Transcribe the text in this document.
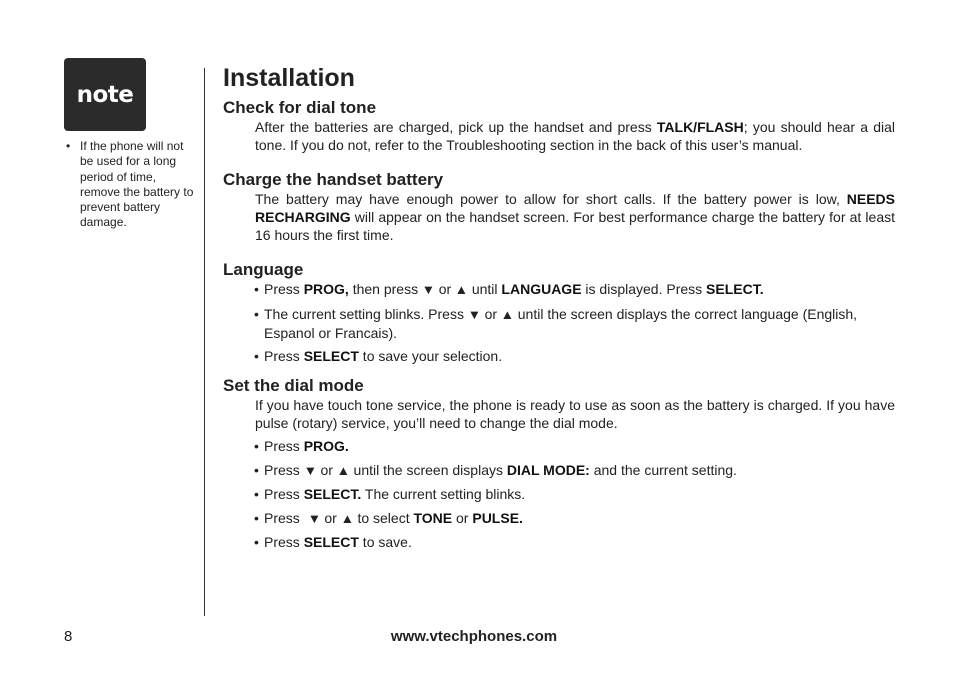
note
• If the phone will not be used for a long period of time, remove the battery to prevent battery damage.
Installation
Check for dial tone

After the batteries are charged, pick up the handset and press TALK/FLASH; you should hear a dial tone. If you do not, refer to the Troubleshooting section in the back of this user’s manual.

Charge the handset battery

The battery may have enough power to allow for short calls. If the battery power is low, NEEDS RECHARGING will appear on the handset screen. For best performance charge the battery for at least 16 hours the first time.

Language
• Press PROG, then press ▼ or ▲ until LANGUAGE is displayed. Press SELECT.
• The current setting blinks. Press ▼ or ▲ until the screen displays the correct language (English, Espanol or Francais).
• Press SELECT to save your selection.
Set the dial mode

If you have touch tone service, the phone is ready to use as soon as the battery is charged. If you have pulse (rotary) service, you’ll need to change the dial mode.

• Press PROG.
• Press ▼ or ▲ until the screen displays DIAL MODE: and the current setting.
• Press SELECT. The current setting blinks.
• Press  ▼ or ▲ to select TONE or PULSE.
• Press SELECT to save.
8	www.vtechphones.com
